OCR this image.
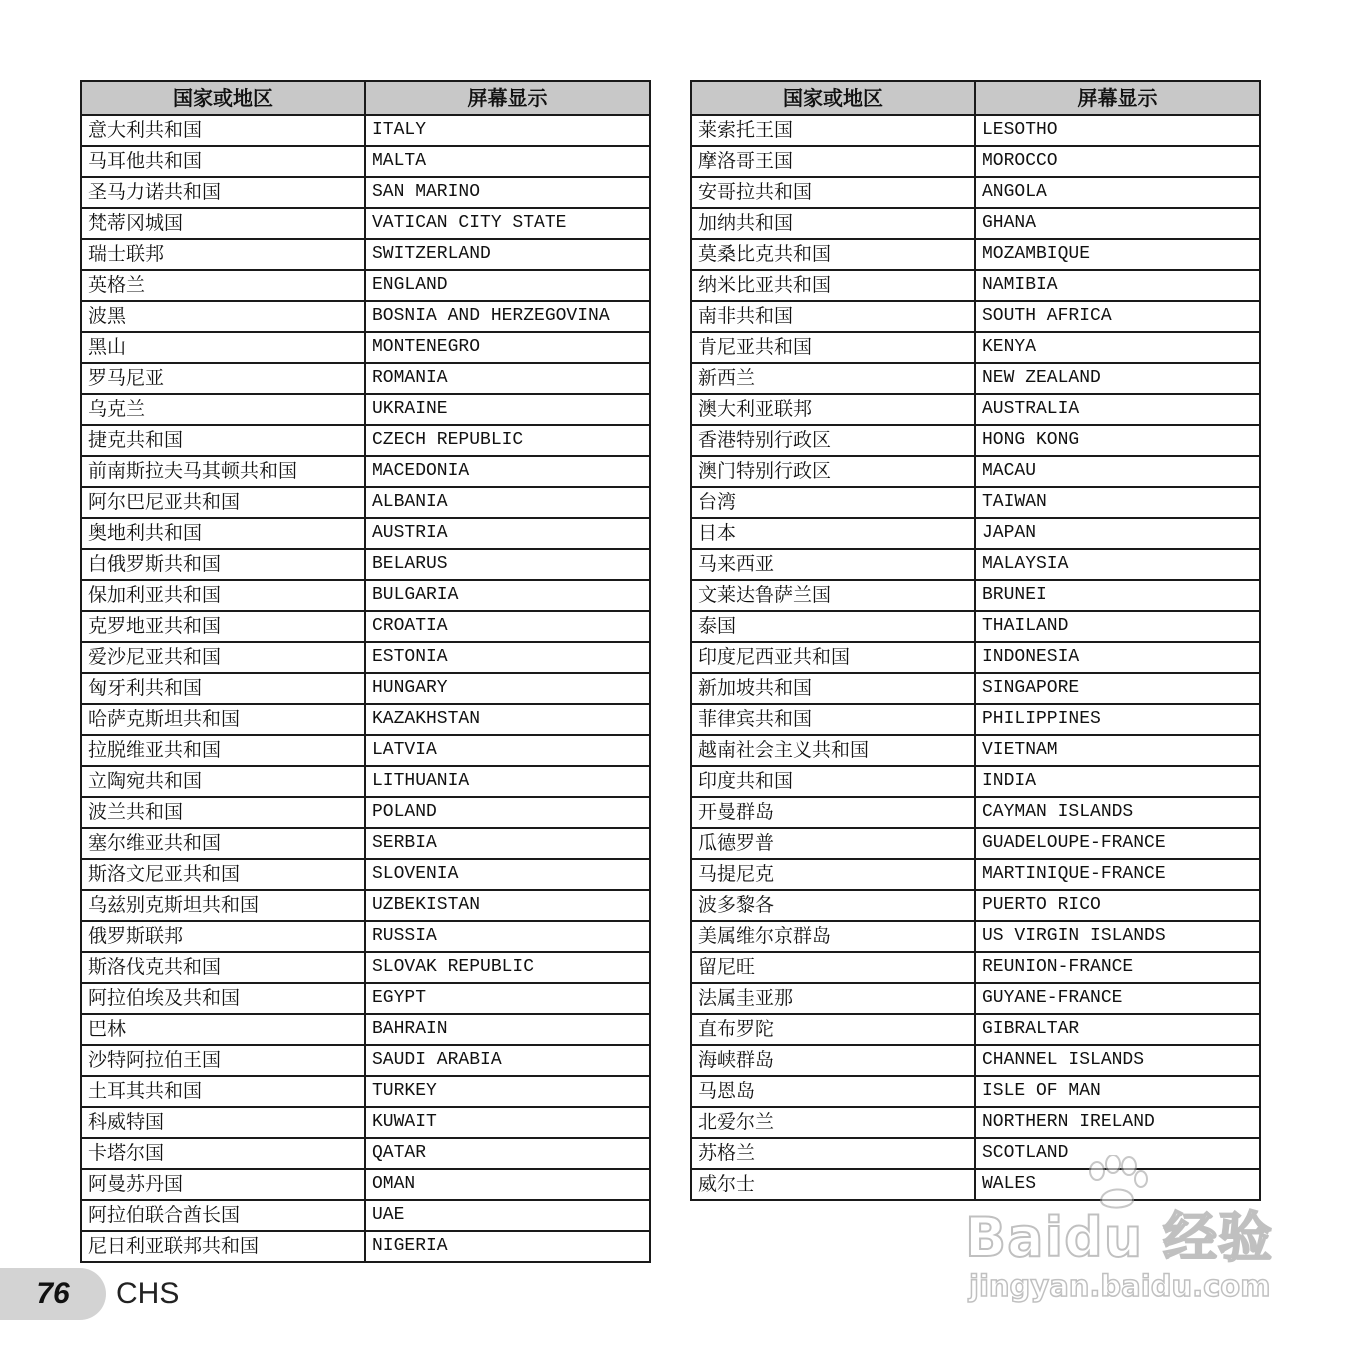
国家或地区	屏幕显示
意大利共和国	ITALY
马耳他共和国	MALTA
圣马力诺共和国	SAN MARINO
梵蒂冈城国	VATICAN CITY STATE
瑞士联邦	SWITZERLAND
英格兰	ENGLAND
波黑	BOSNIA AND HERZEGOVINA
黑山	MONTENEGRO
罗马尼亚	ROMANIA
乌克兰	UKRAINE
捷克共和国	CZECH REPUBLIC
前南斯拉夫马其顿共和国	MACEDONIA
阿尔巴尼亚共和国	ALBANIA
奥地利共和国	AUSTRIA
白俄罗斯共和国	BELARUS
保加利亚共和国	BULGARIA
克罗地亚共和国	CROATIA
爱沙尼亚共和国	ESTONIA
匈牙利共和国	HUNGARY
哈萨克斯坦共和国	KAZAKHSTAN
拉脱维亚共和国	LATVIA
立陶宛共和国	LITHUANIA
波兰共和国	POLAND
塞尔维亚共和国	SERBIA
斯洛文尼亚共和国	SLOVENIA
乌兹别克斯坦共和国	UZBEKISTAN
俄罗斯联邦	RUSSIA
斯洛伐克共和国	SLOVAK REPUBLIC
阿拉伯埃及共和国	EGYPT
巴林	BAHRAIN
沙特阿拉伯王国	SAUDI ARABIA
土耳其共和国	TURKEY
科威特国	KUWAIT
卡塔尔国	QATAR
阿曼苏丹国	OMAN
阿拉伯联合酋长国	UAE
尼日利亚联邦共和国	NIGERIA
国家或地区	屏幕显示
莱索托王国	LESOTHO
摩洛哥王国	MOROCCO
安哥拉共和国	ANGOLA
加纳共和国	GHANA
莫桑比克共和国	MOZAMBIQUE
纳米比亚共和国	NAMIBIA
南非共和国	SOUTH AFRICA
肯尼亚共和国	KENYA
新西兰	NEW ZEALAND
澳大利亚联邦	AUSTRALIA
香港特别行政区	HONG KONG
澳门特别行政区	MACAU
台湾	TAIWAN
日本	JAPAN
马来西亚	MALAYSIA
文莱达鲁萨兰国	BRUNEI
泰国	THAILAND
印度尼西亚共和国	INDONESIA
新加坡共和国	SINGAPORE
菲律宾共和国	PHILIPPINES
越南社会主义共和国	VIETNAM
印度共和国	INDIA
开曼群岛	CAYMAN ISLANDS
瓜德罗普	GUADELOUPE-FRANCE
马提尼克	MARTINIQUE-FRANCE
波多黎各	PUERTO RICO
美属维尔京群岛	US VIRGIN ISLANDS
留尼旺	REUNION-FRANCE
法属圭亚那	GUYANE-FRANCE
直布罗陀	GIBRALTAR
海峡群岛	CHANNEL ISLANDS
马恩岛	ISLE OF MAN
北爱尔兰	NORTHERN IRELAND
苏格兰	SCOTLAND
威尔士	WALES
76 CHS
Baidu 经验
jingyan.baidu.com
